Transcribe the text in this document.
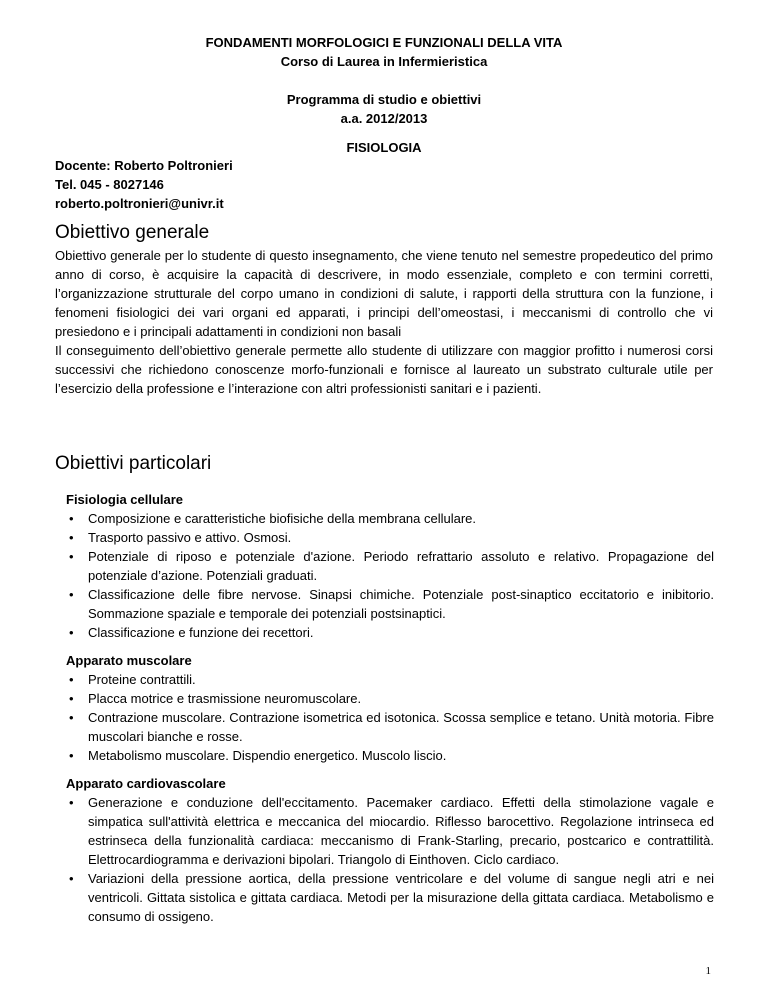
FONDAMENTI MORFOLOGICI E FUNZIONALI DELLA VITA
Corso di Laurea in Infermieristica
Programma di studio e obiettivi
a.a. 2012/2013
FISIOLOGIA
Docente: Roberto Poltronieri
Tel. 045 - 8027146
roberto.poltronieri@univr.it
Obiettivo generale

Obiettivo generale per lo studente di questo insegnamento, che viene tenuto nel semestre propedeutico del primo anno di corso, è acquisire la capacità di descrivere, in modo essenziale, completo e con termini corretti, l’organizzazione strutturale del corpo umano in condizioni di salute, i rapporti della struttura con la funzione, i fenomeni fisiologici dei vari organi ed apparati, i principi dell’omeostasi, i meccanismi di controllo che vi presiedono e i principali adattamenti in condizioni non basali

Il conseguimento dell’obiettivo generale permette allo studente di utilizzare con maggior profitto i numerosi corsi successivi che richiedono conoscenze morfo-funzionali e fornisce al laureato un substrato culturale utile per l’esercizio della professione e l’interazione con altri professionisti sanitari e i pazienti.

Obiettivi particolari
Fisiologia cellulare
• Composizione e caratteristiche biofisiche della membrana cellulare.
• Trasporto passivo e attivo. Osmosi.
• Potenziale di riposo e potenziale d'azione. Periodo refrattario assoluto e relativo. Propagazione del potenziale d’azione. Potenziali graduati.
• Classificazione delle fibre nervose. Sinapsi chimiche. Potenziale post-sinaptico eccitatorio e inibitorio. Sommazione spaziale e temporale dei potenziali postsinaptici.
• Classificazione e funzione dei recettori.
Apparato muscolare
• Proteine contrattili.
• Placca motrice e trasmissione neuromuscolare.
• Contrazione muscolare. Contrazione isometrica ed isotonica. Scossa semplice e tetano. Unità motoria. Fibre muscolari bianche e rosse.
• Metabolismo muscolare. Dispendio energetico. Muscolo liscio.
Apparato cardiovascolare
• Generazione e conduzione dell'eccitamento. Pacemaker cardiaco. Effetti della stimolazione vagale e simpatica sull'attività elettrica e meccanica del miocardio. Riflesso barocettivo. Regolazione intrinseca ed estrinseca della funzionalità cardiaca: meccanismo di Frank-Starling, precario, postcarico e contrattilità. Elettrocardiogramma e derivazioni bipolari. Triangolo di Einthoven. Ciclo cardiaco.
• Variazioni della pressione aortica, della pressione ventricolare e del volume di sangue negli atri e nei ventricoli. Gittata sistolica e gittata cardiaca. Metodi per la misurazione della gittata cardiaca. Metabolismo e consumo di ossigeno.
1
